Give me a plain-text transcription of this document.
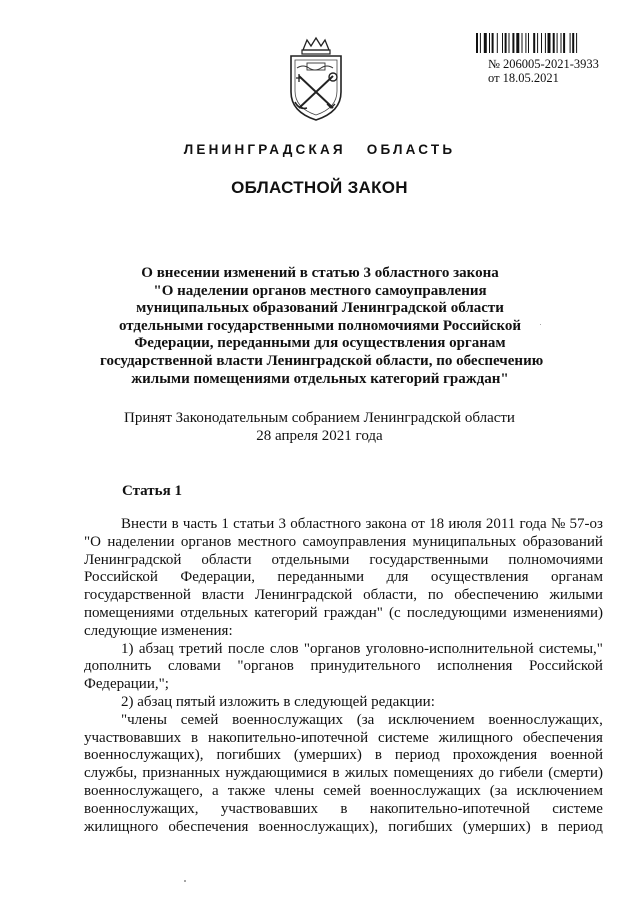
№ 206005-2021-3933
от 18.05.2021
ЛЕНИНГРАДСКАЯ ОБЛАСТЬ
ОБЛАСТНОЙ ЗАКОН
О внесении изменений в статью 3 областного закона
"О наделении органов местного самоуправления
муниципальных образований Ленинградской области
отдельными государственными полномочиями Российской
Федерации, переданными для осуществления органам
государственной власти Ленинградской области, по обеспечению
жилыми помещениями отдельных категорий граждан"
Принят Законодательным собранием Ленинградской области
28 апреля 2021 года
Статья 1
Внести в часть 1 статьи 3 областного закона от 18 июля 2011 года № 57-оз
"О наделении органов местного самоуправления муниципальных образований
Ленинградской области отдельными государственными полномочиями
Российской Федерации, переданными для осуществления органам
государственной власти Ленинградской области, по обеспечению жилыми
помещениями отдельных категорий граждан" (с последующими изменениями)
следующие изменения:
1) абзац третий после слов "органов уголовно-исполнительной системы,"
дополнить словами "органов принудительного исполнения Российской
Федерации,";
2) абзац пятый изложить в следующей редакции:
"члены семей военнослужащих (за исключением военнослужащих,
участвовавших в накопительно-ипотечной системе жилищного обеспечения
военнослужащих), погибших (умерших) в период прохождения военной
службы, признанных нуждающимися в жилых помещениях до гибели (смерти)
военнослужащего, а также члены семей военнослужащих (за исключением
военнослужащих, участвовавших в накопительно-ипотечной системе
жилищного обеспечения военнослужащих), погибших (умерших) в период
